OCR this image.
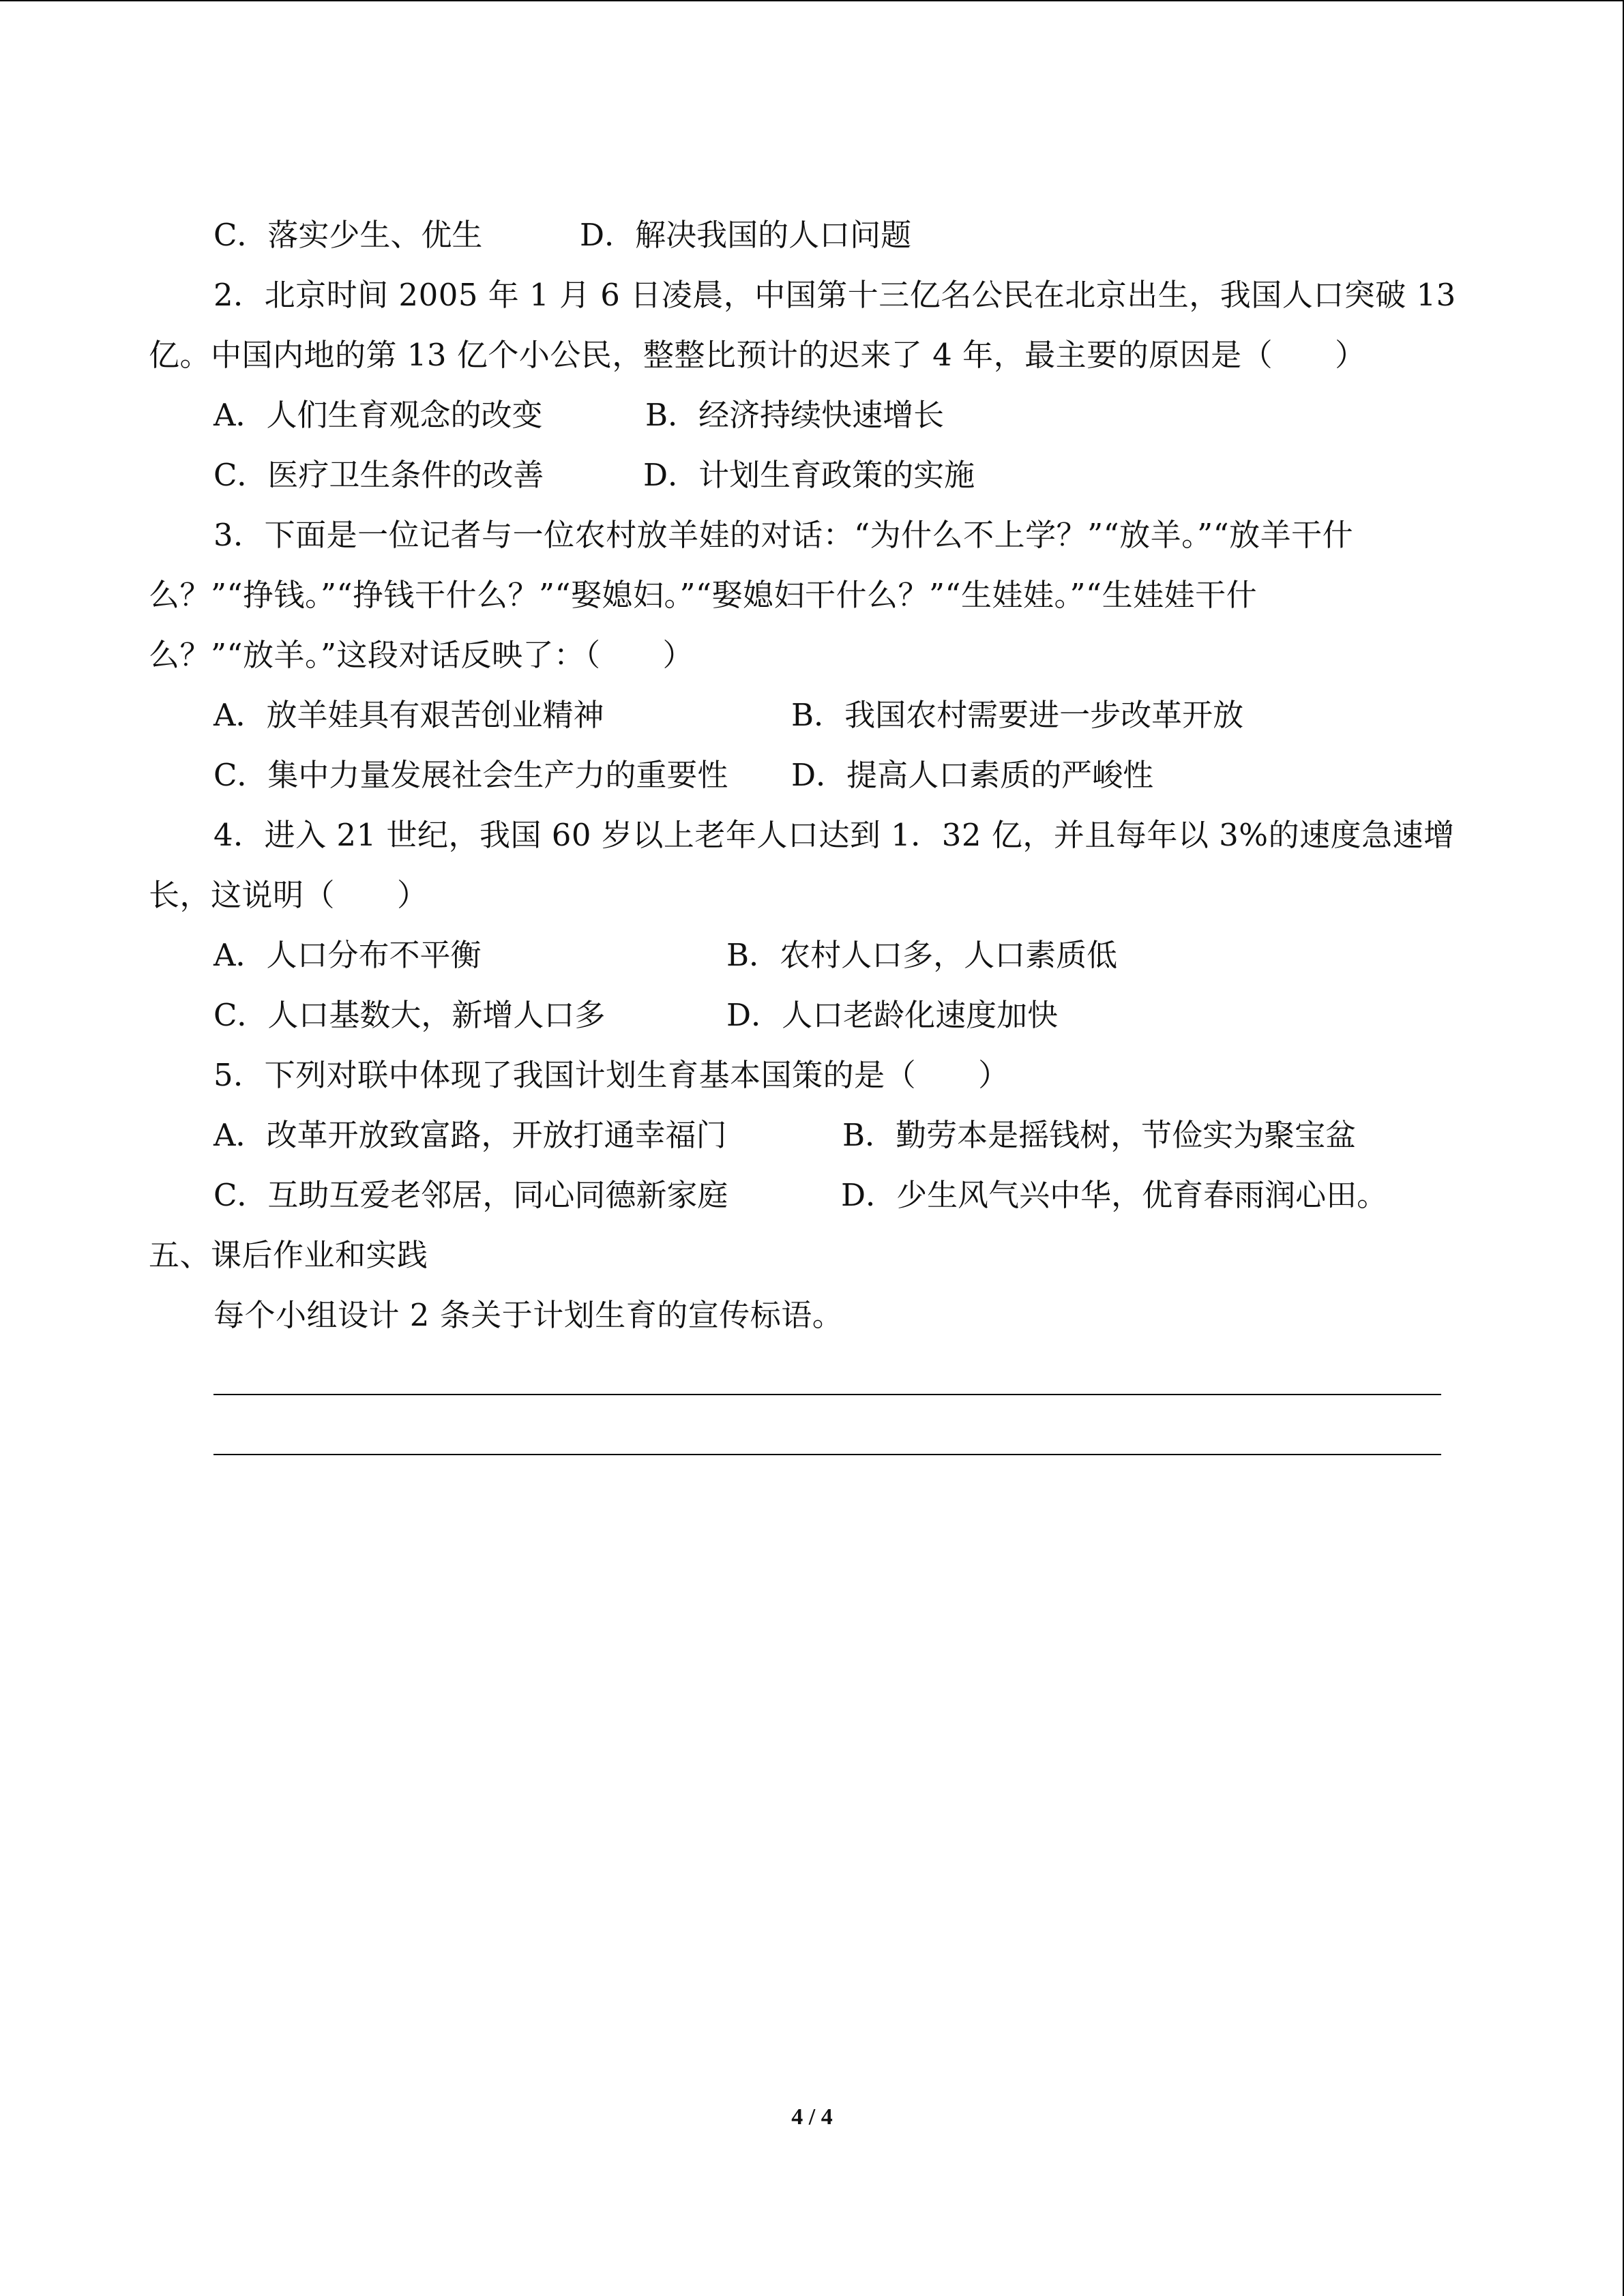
C．落实少生、优生	D．解决我国的人口问题
2．北京时间 2005 年 1 月 6 日凌晨，中国第十三亿名公民在北京出生，我国人口突破 13
亿。中国内地的第 13 亿个小公民，整整比预计的迟来了 4 年，最主要的原因是（　　）
A．人们生育观念的改变	B．经济持续快速增长
C．医疗卫生条件的改善	D．计划生育政策的实施
3．下面是一位记者与一位农村放羊娃的对话：“为什么不上学？”“放羊。”“放羊干什
么？”“挣钱。”“挣钱干什么？”“娶媳妇。”“娶媳妇干什么？”“生娃娃。”“生娃娃干什
么？”“放羊。”这段对话反映了：（　　）
A．放羊娃具有艰苦创业精神	B．我国农村需要进一步改革开放
C．集中力量发展社会生产力的重要性 D．提高人口素质的严峻性
4．进入 21 世纪，我国 60 岁以上老年人口达到 1．32 亿，并且每年以 3%的速度急速增
长，这说明（　　）
A．人口分布不平衡	B．农村人口多，人口素质低
C．人口基数大，新增人口多	D．人口老龄化速度加快
5．下列对联中体现了我国计划生育基本国策的是（　　）
A．改革开放致富路，开放打通幸福门	B．勤劳本是摇钱树，节俭实为聚宝盆
C．互助互爱老邻居，同心同德新家庭	D．少生风气兴中华，优育春雨润心田。
五、课后作业和实践
每个小组设计 2 条关于计划生育的宣传标语。
4 / 4
